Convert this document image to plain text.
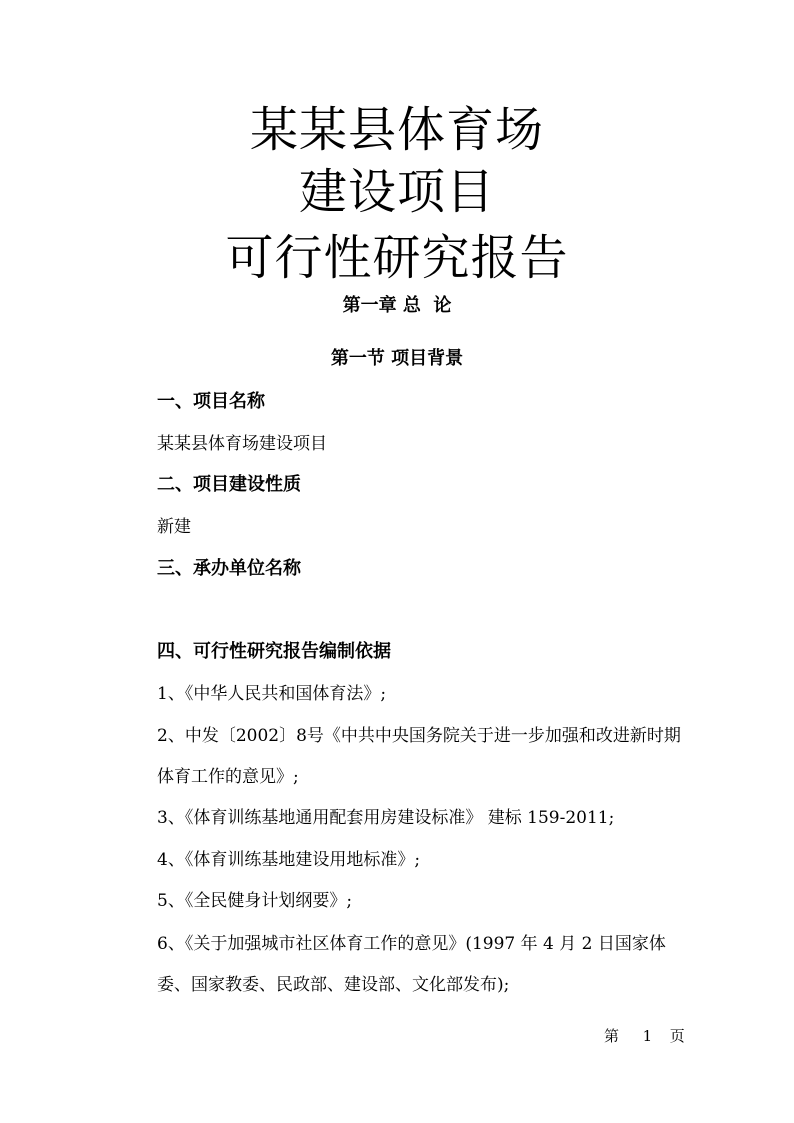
某某县体育场
建设项目
可行性研究报告
第一章 总  论
第一节 项目背景
一、项目名称
某某县体育场建设项目
二、项目建设性质
新建
三、承办单位名称
四、可行性研究报告编制依据
1、《中华人民共和国体育法》;
2、中发〔2002〕8号《中共中央国务院关于进一步加强和改进新时期体育工作的意见》;
3、《体育训练基地通用配套用房建设标准》 建标 159-2011;
4、《体育训练基地建设用地标准》;
5、《全民健身计划纲要》;
6、《关于加强城市社区体育工作的意见》(1997 年 4 月 2 日国家体委、国家教委、民政部、建设部、文化部发布);
第 1 页
